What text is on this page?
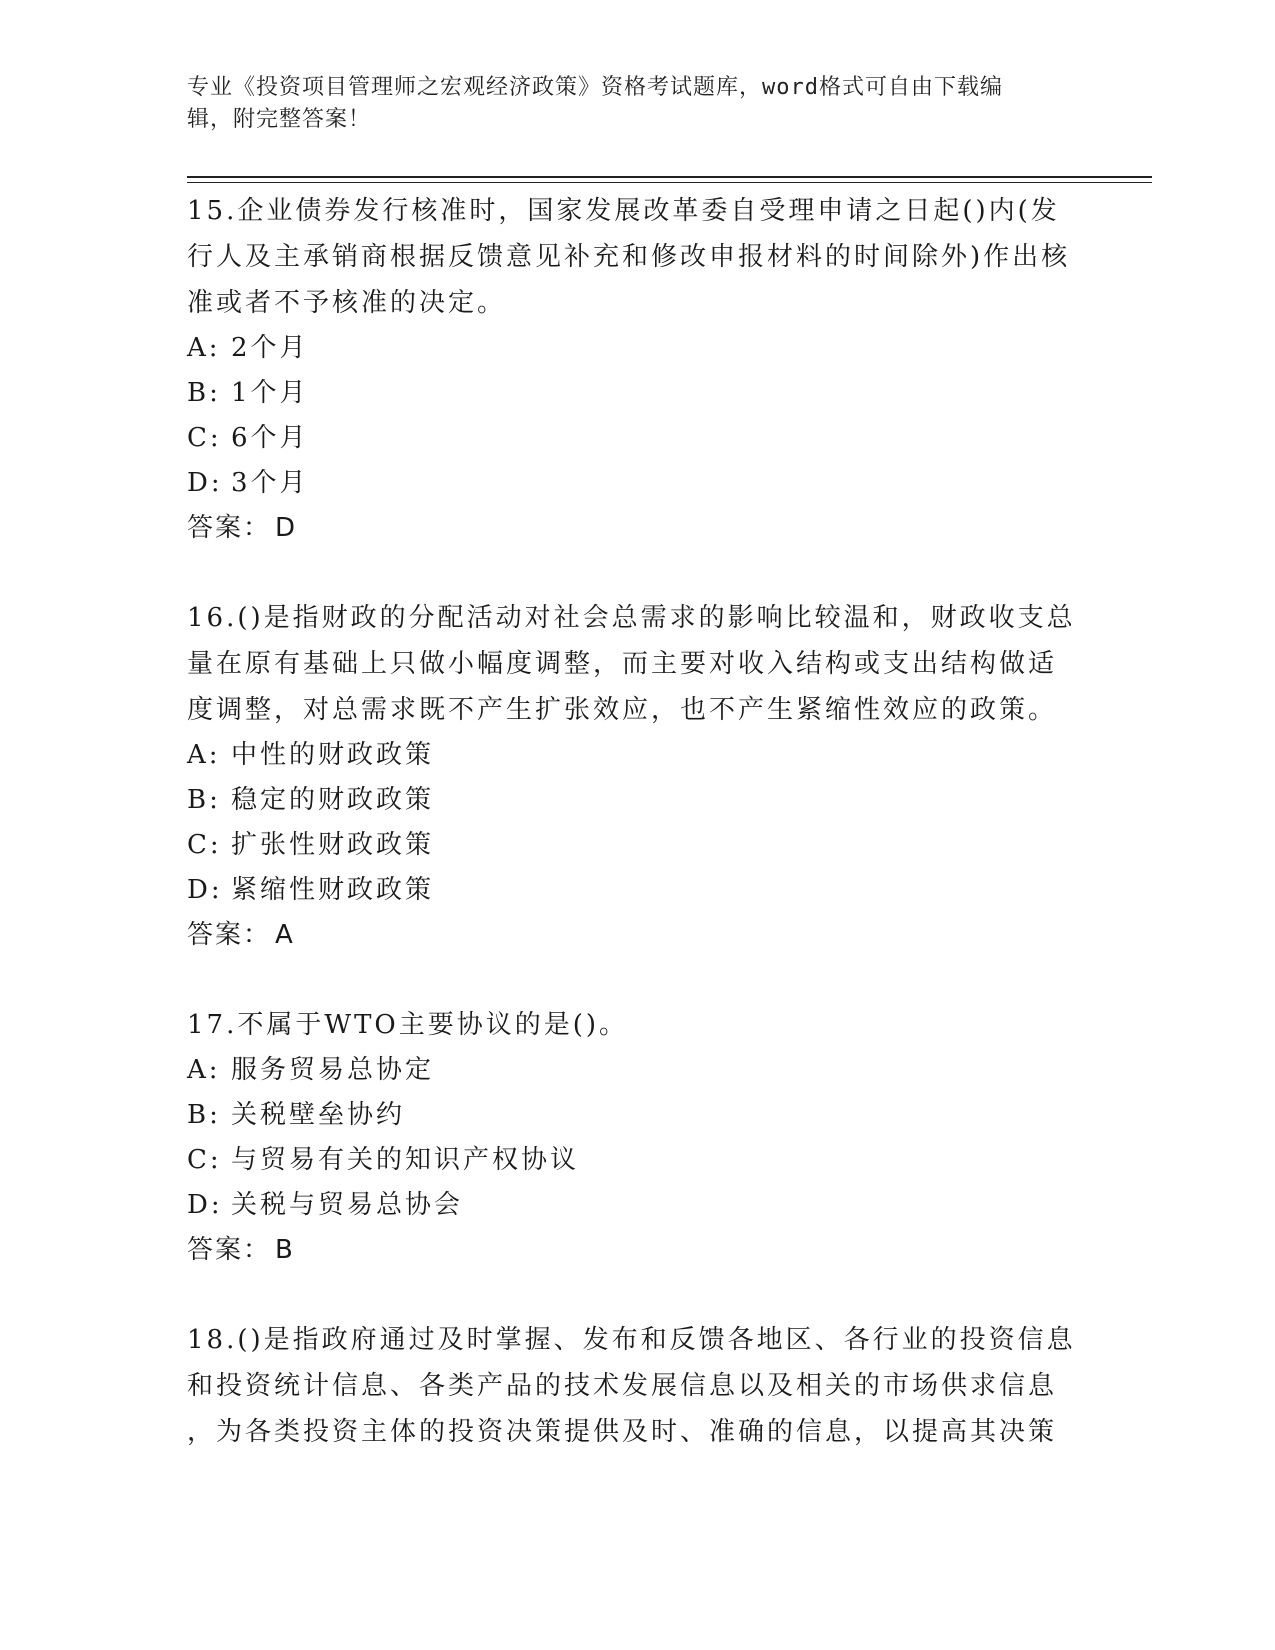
专业《投资项目管理师之宏观经济政策》资格考试题库，word格式可自由下载编
辑，附完整答案！

15.企业债券发行核准时，国家发展改革委自受理申请之日起()内(发

行人及主承销商根据反馈意见补充和修改申报材料的时间除外)作出核

准或者不予核准的决定。

A: 2个月

B: 1个月

C: 6个月

D: 3个月

答案： D

16.()是指财政的分配活动对社会总需求的影响比较温和，财政收支总

量在原有基础上只做小幅度调整，而主要对收入结构或支出结构做适

度调整，对总需求既不产生扩张效应，也不产生紧缩性效应的政策。

A: 中性的财政政策

B: 稳定的财政政策

C: 扩张性财政政策

D: 紧缩性财政政策

答案： A

17.不属于WTO主要协议的是()。

A: 服务贸易总协定

B: 关税壁垒协约

C: 与贸易有关的知识产权协议

D: 关税与贸易总协会

答案： B

18.()是指政府通过及时掌握、发布和反馈各地区、各行业的投资信息

和投资统计信息、各类产品的技术发展信息以及相关的市场供求信息

，为各类投资主体的投资决策提供及时、准确的信息，以提高其决策
